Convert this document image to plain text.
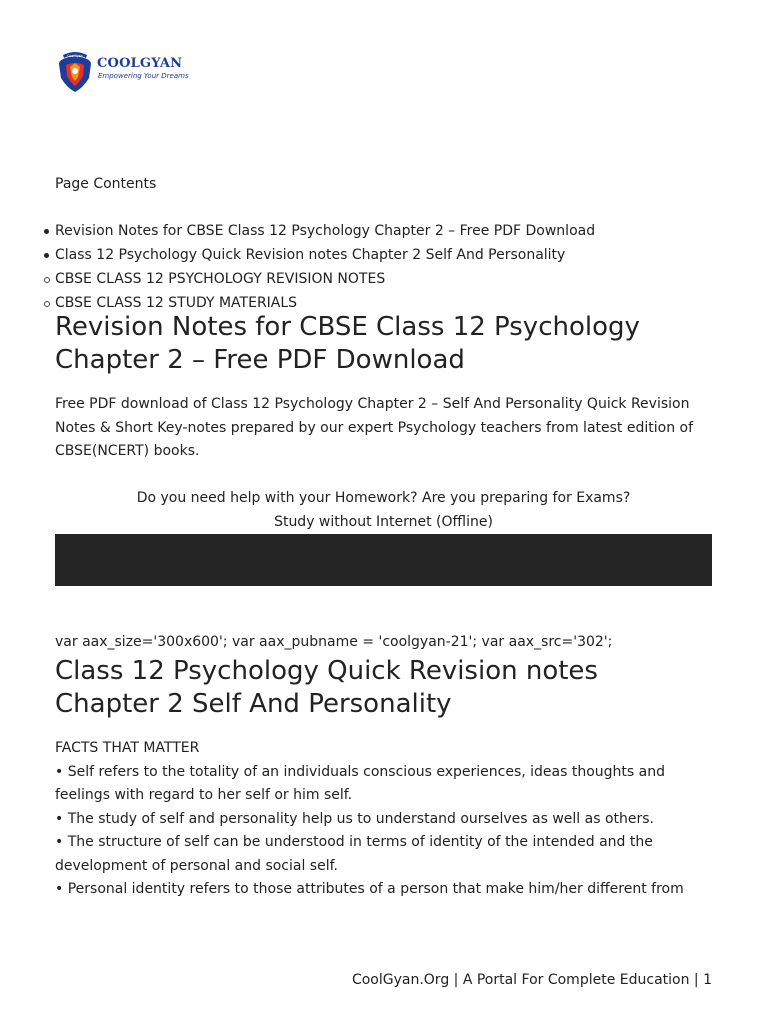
CoolGyan COOLGYAN
Empowering Your Dreams
Page Contents
Revision Notes for CBSE Class 12 Psychology Chapter 2 – Free PDF Download
Class 12 Psychology Quick Revision notes Chapter 2 Self And Personality
CBSE CLASS 12 PSYCHOLOGY REVISION NOTES
CBSE CLASS 12 STUDY MATERIALS
Revision Notes for CBSE Class 12 Psychology
Chapter 2 – Free PDF Download
Free PDF download of Class 12 Psychology Chapter 2 – Self And Personality Quick Revision
Notes & Short Key-notes prepared by our expert Psychology teachers from latest edition of
CBSE(NCERT) books.
Do you need help with your Homework? Are you preparing for Exams?
Study without Internet (Offline)
var aax_size='300x600'; var aax_pubname = 'coolgyan-21'; var aax_src='302';
Class 12 Psychology Quick Revision notes
Chapter 2 Self And Personality
FACTS THAT MATTER
• Self refers to the totality of an individuals conscious experiences, ideas thoughts and
feelings with regard to her self or him self.
• The study of self and personality help us to understand ourselves as well as others.
• The structure of self can be understood in terms of identity of the intended and the
development of personal and social self.
• Personal identity refers to those attributes of a person that make him/her different from
CoolGyan.Org | A Portal For Complete Education | 1
